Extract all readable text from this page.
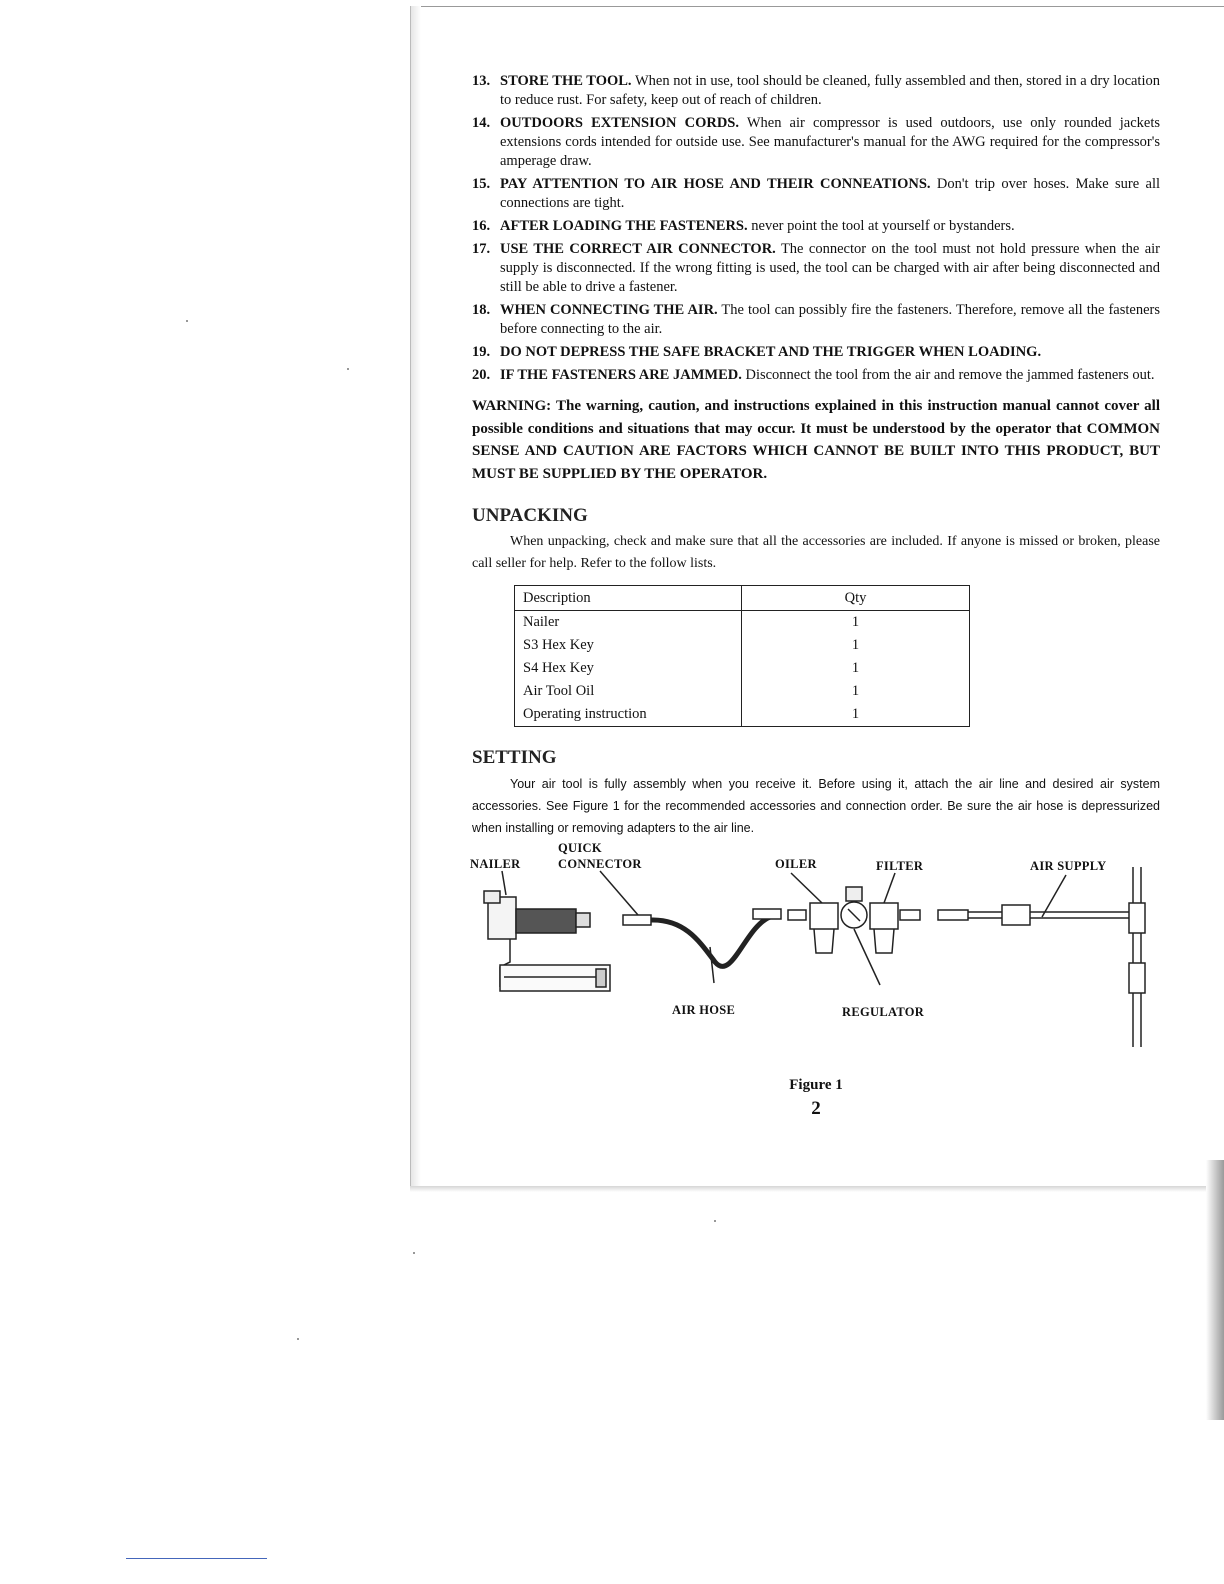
13. STORE THE TOOL. When not in use, tool should be cleaned, fully assembled and then, stored in a dry location to reduce rust. For safety, keep out of reach of children.
14. OUTDOORS EXTENSION CORDS. When air compressor is used outdoors, use only rounded jackets extensions cords intended for outside use. See manufacturer's manual for the AWG required for the compressor's amperage draw.
15. PAY ATTENTION TO AIR HOSE AND THEIR CONNEATIONS. Don't trip over hoses. Make sure all connections are tight.
16. AFTER LOADING THE FASTENERS. never point the tool at yourself or bystanders.
17. USE THE CORRECT AIR CONNECTOR. The connector on the tool must not hold pressure when the air supply is disconnected. If the wrong fitting is used, the tool can be charged with air after being disconnected and still be able to drive a fastener.
18. WHEN CONNECTING THE AIR. The tool can possibly fire the fasteners. Therefore, remove all the fasteners before connecting to the air.
19. DO NOT DEPRESS THE SAFE BRACKET AND THE TRIGGER WHEN LOADING.
20. IF THE FASTENERS ARE JAMMED. Disconnect the tool from the air and remove the jammed fasteners out.
WARNING: The warning, caution, and instructions explained in this instruction manual cannot cover all possible conditions and situations that may occur. It must be understood by the operator that COMMON SENSE AND CAUTION ARE FACTORS WHICH CANNOT BE BUILT INTO THIS PRODUCT, BUT MUST BE SUPPLIED BY THE OPERATOR.
UNPACKING
When unpacking, check and make sure that all the accessories are included. If anyone is missed or broken, please call seller for help. Refer to the follow lists.
Description	Qty
Nailer	1
S3 Hex Key	1
S4 Hex Key	1
Air Tool Oil	1
Operating instruction	1
SETTING
Your air tool is fully assembly when you receive it. Before using it, attach the air line and desired air system accessories. See Figure 1 for the recommended accessories and connection order. Be sure the air hose is depressurized when installing or removing adapters to the air line.
NAILER
QUICK
CONNECTOR	OILER	FILTER	AIR SUPPLY
AIR HOSE	REGULATOR
Figure 1
2
